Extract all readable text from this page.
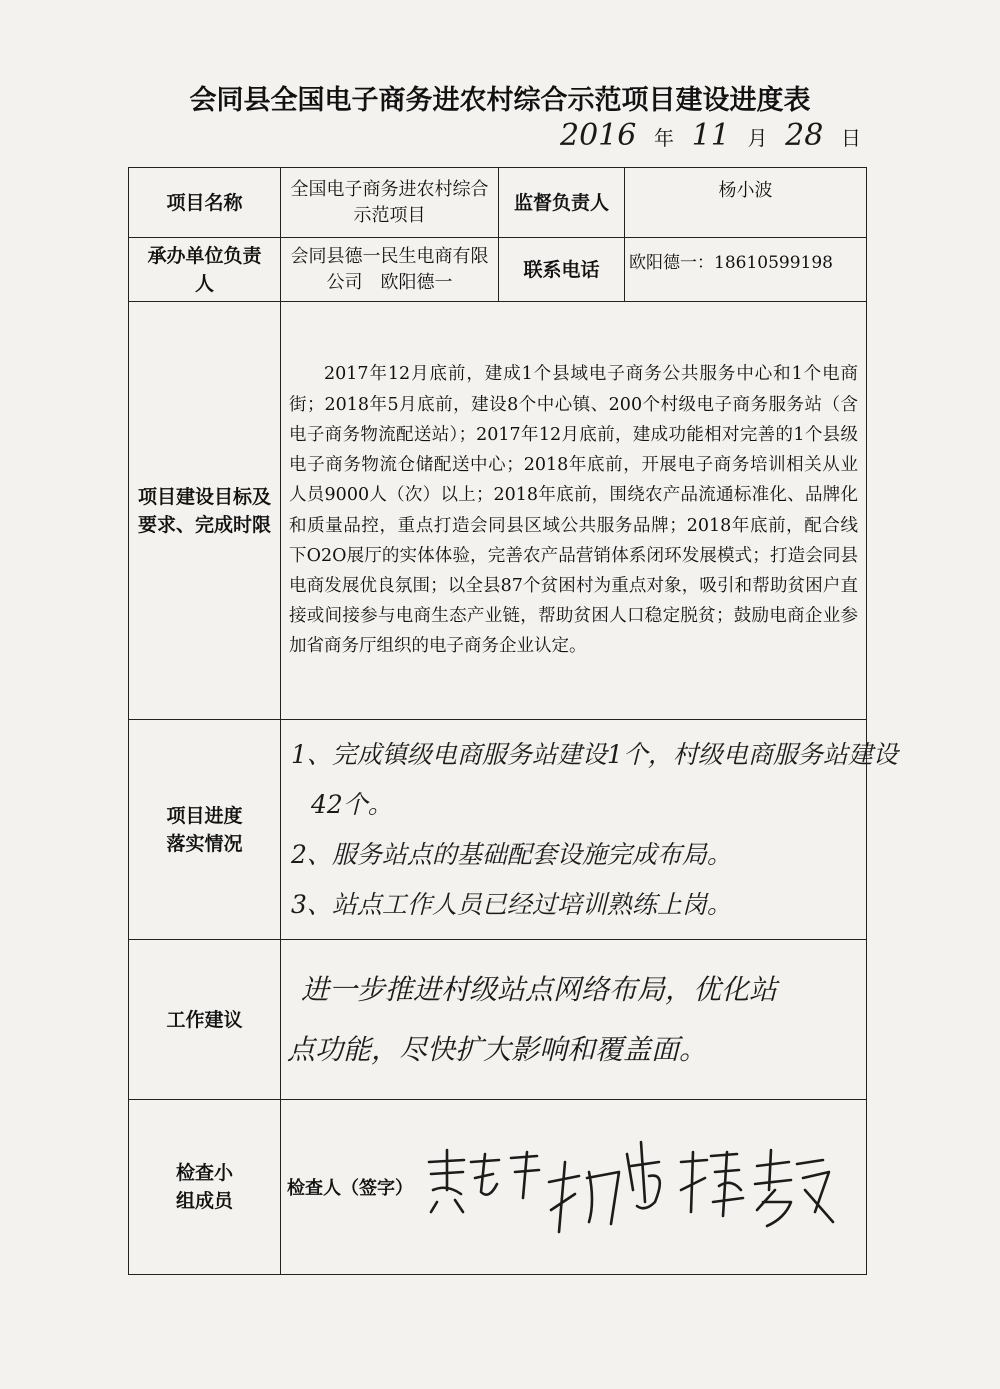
会同县全国电子商务进农村综合示范项目建设进度表
2016 年 11 月 28 日
项目名称	全国电子商务进农村综合示范项目	监督负责人	杨小波

承办单位负责人	会同县德一民生电商有限公司　欧阳德一	联系电话	欧阳德一：18610599198

项目建设目标及要求、完成时限	2017年12月底前，建成1个县域电子商务公共服务中心和1个电商街；2018年5月底前，建设8个中心镇、200个村级电子商务服务站（含电子商务物流配送站）；2017年12月底前，建成功能相对完善的1个县级电子商务物流仓储配送中心；2018年底前，开展电子商务培训相关从业人员9000人（次）以上；2018年底前，围绕农产品流通标准化、品牌化和质量品控，重点打造会同县区域公共服务品牌；2018年底前，配合线下O2O展厅的实体体验，完善农产品营销体系闭环发展模式；打造会同县电商发展优良氛围；以全县87个贫困村为重点对象，吸引和帮助贫困户直接或间接参与电商生态产业链，帮助贫困人口稳定脱贫；鼓励电商企业参加省商务厅组织的电子商务企业认定。		

项目进度落实情况	1、完成镇级电商服务站建设1个，村级电商服务站建设
42个。
2、服务站点的基础配套设施完成布局。
3、站点工作人员已经过培训熟练上岗。		

工作建议	进一步推进村级站点网络布局，优化站
点功能，尽快扩大影响和覆盖面。		

检查小组成员	检查人（签字）		
